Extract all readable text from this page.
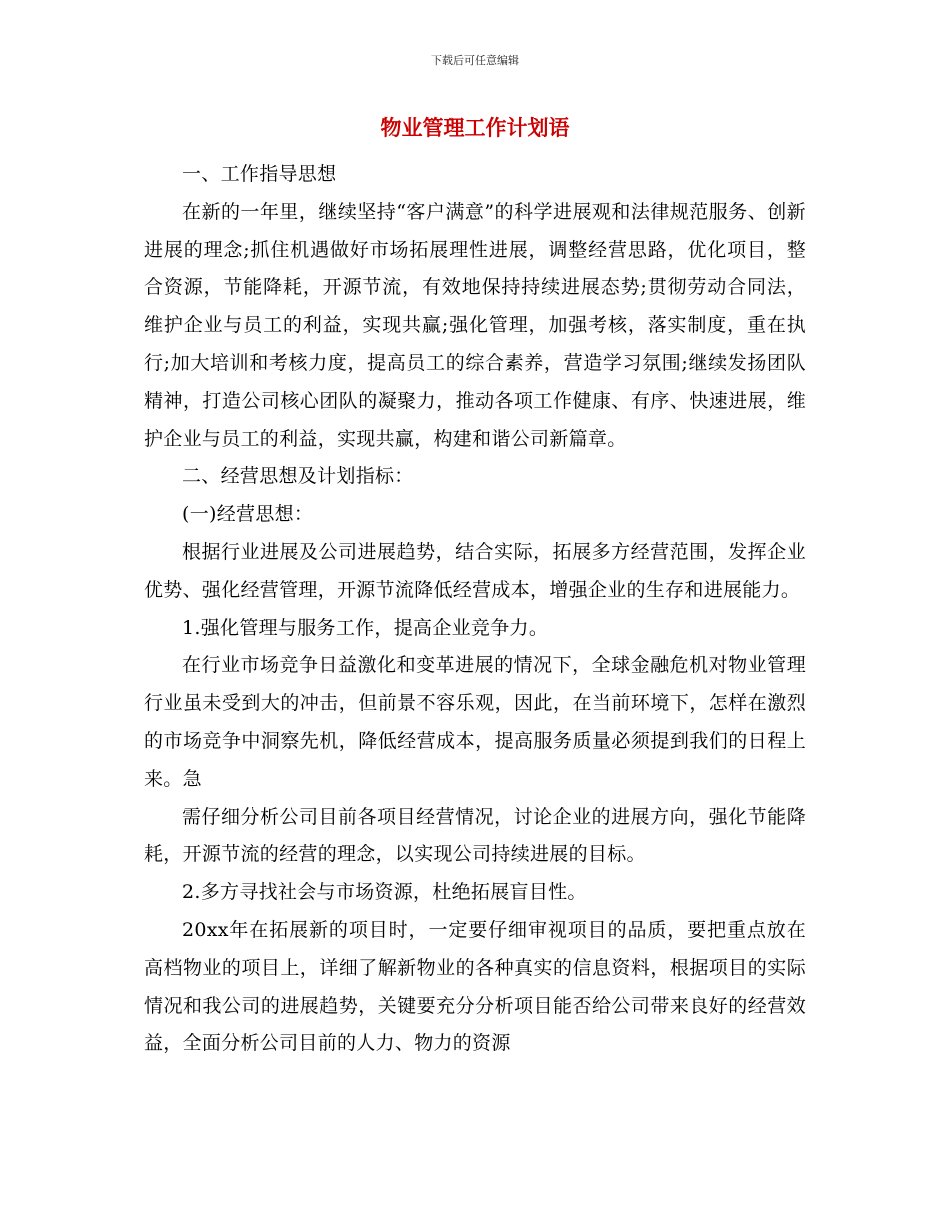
下载后可任意编辑
物业管理工作计划语

一、工作指导思想

在新的一年里，继续坚持“客户满意”的科学进展观和法律规范服务、创新进展的理念;抓住机遇做好市场拓展理性进展，调整经营思路，优化项目，整合资源，节能降耗，开源节流，有效地保持持续进展态势;贯彻劳动合同法，维护企业与员工的利益，实现共赢;强化管理，加强考核，落实制度，重在执行;加大培训和考核力度，提高员工的综合素养，营造学习氛围;继续发扬团队精神，打造公司核心团队的凝聚力，推动各项工作健康、有序、快速进展，维护企业与员工的利益，实现共赢，构建和谐公司新篇章。

二、经营思想及计划指标：

(一)经营思想：

根据行业进展及公司进展趋势，结合实际，拓展多方经营范围，发挥企业优势、强化经营管理，开源节流降低经营成本，增强企业的生存和进展能力。

1.强化管理与服务工作，提高企业竞争力。

在行业市场竞争日益激化和变革进展的情况下，全球金融危机对物业管理行业虽未受到大的冲击，但前景不容乐观，因此，在当前环境下，怎样在激烈的市场竞争中洞察先机，降低经营成本，提高服务质量必须提到我们的日程上来。急

需仔细分析公司目前各项目经营情况，讨论企业的进展方向，强化节能降耗，开源节流的经营的理念，以实现公司持续进展的目标。

2.多方寻找社会与市场资源，杜绝拓展盲目性。

20xx年在拓展新的项目时，一定要仔细审视项目的品质，要把重点放在高档物业的项目上，详细了解新物业的各种真实的信息资料，根据项目的实际情况和我公司的进展趋势，关键要充分分析项目能否给公司带来良好的经营效益，全面分析公司目前的人力、物力的资源
